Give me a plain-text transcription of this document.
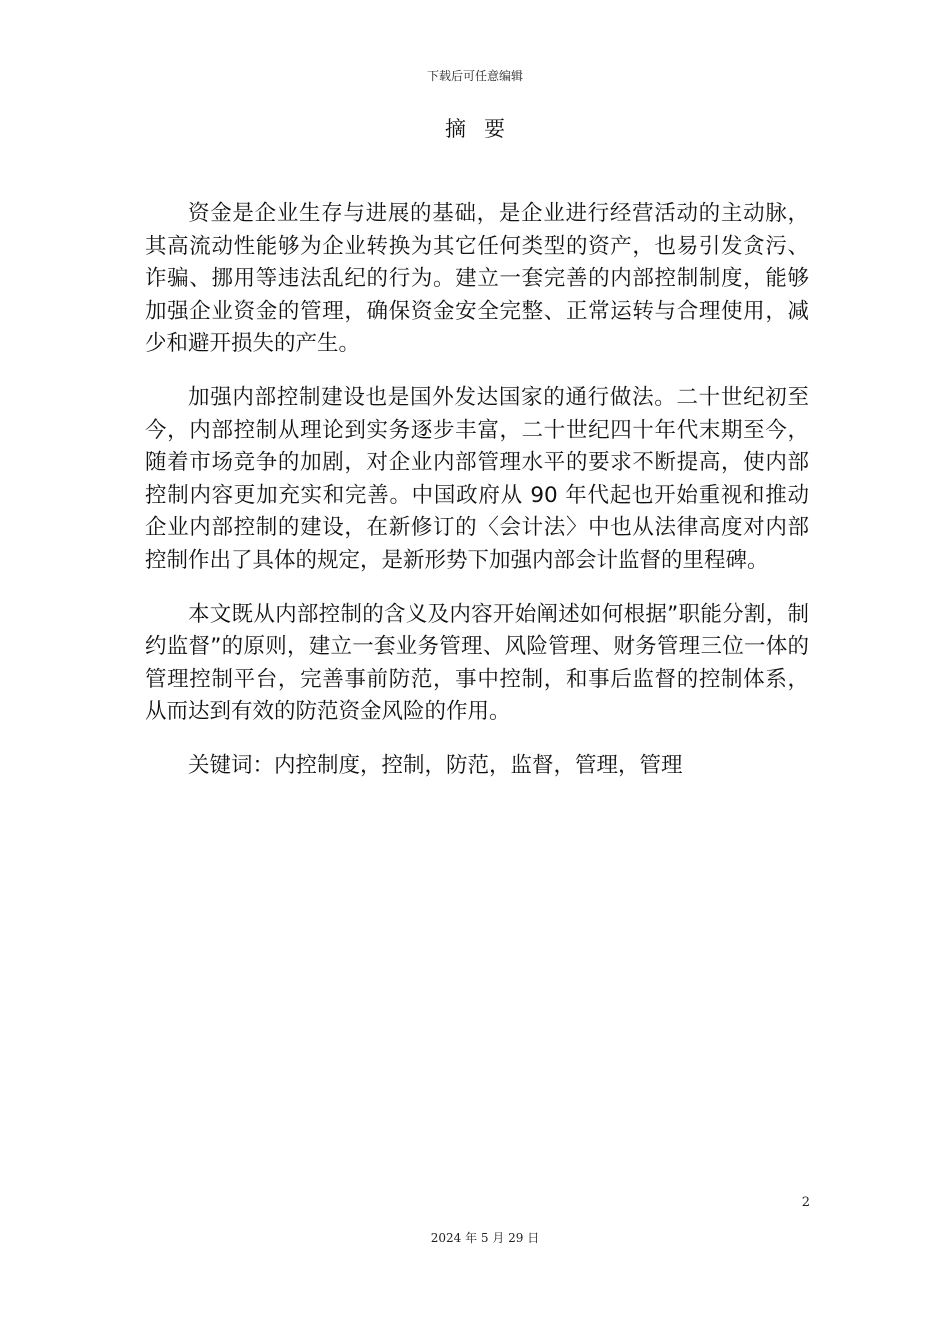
下载后可任意编辑
摘要

资金是企业生存与进展的基础，是企业进行经营活动的主动脉，其高流动性能够为企业转换为其它任何类型的资产，也易引发贪污、诈骗、挪用等违法乱纪的行为。建立一套完善的内部控制制度，能够加强企业资金的管理，确保资金安全完整、正常运转与合理使用，减少和避开损失的产生。

加强内部控制建设也是国外发达国家的通行做法。二十世纪初至今，内部控制从理论到实务逐步丰富，二十世纪四十年代末期至今，随着市场竞争的加剧，对企业内部管理水平的要求不断提高，使内部控制内容更加充实和完善。中国政府从 90 年代起也开始重视和推动企业内部控制的建设，在新修订的〈会计法〉中也从法律高度对内部控制作出了具体的规定，是新形势下加强内部会计监督的里程碑。

本文既从内部控制的含义及内容开始阐述如何根据”职能分割，制约监督”的原则，建立一套业务管理、风险管理、财务管理三位一体的管理控制平台，完善事前防范，事中控制，和事后监督的控制体系，从而达到有效的防范资金风险的作用。

关键词：内控制度，控制，防范，监督，管理，管理

2
2024 年 5 月 29 日
